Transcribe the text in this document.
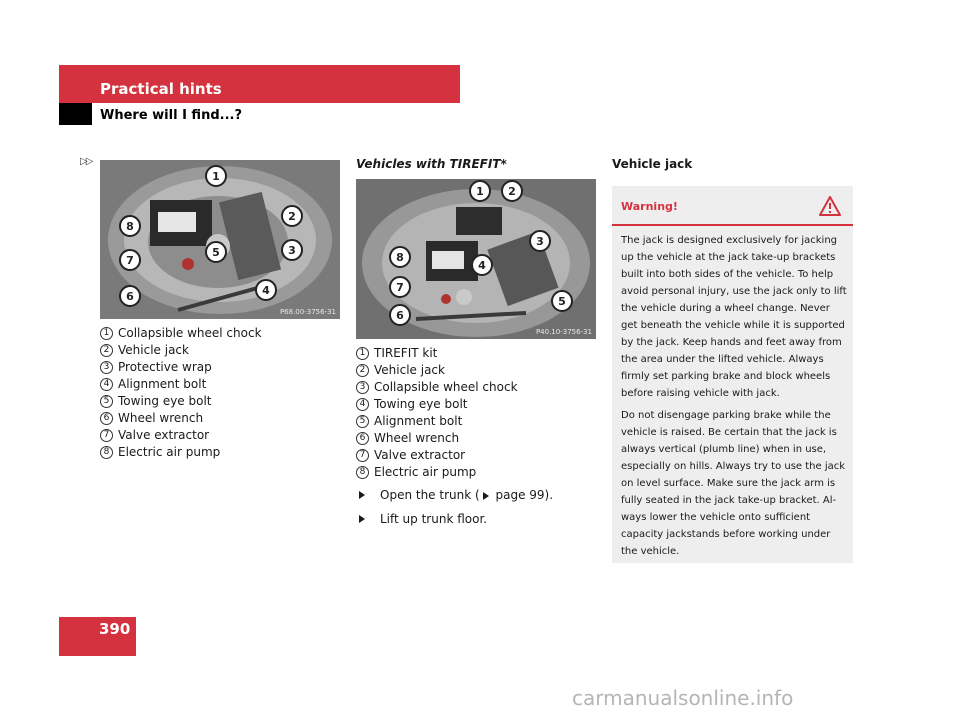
Practical hints
Where will I find...?
▷▷
1
2
3
4
5
6
7
8
P68.00-3756-31
1 Collapsible wheel chock
2 Vehicle jack
3 Protective wrap
4 Alignment bolt
5 Towing eye bolt
6 Wheel wrench
7 Valve extractor
8 Electric air pump
Vehicles with TIREFIT*
1 2
3
4
5
6
7
8
P40.10-3756-31
1 TIREFIT kit
2 Vehicle jack
3 Collapsible wheel chock
4 Towing eye bolt
5 Alignment bolt
6 Wheel wrench
7 Valve extractor
8 Electric air pump
Open the trunk ( page 99).
Lift up trunk floor.
Vehicle jack
Warning!

The jack is designed exclusively for jacking up the vehicle at the jack take-up brackets built into both sides of the vehicle. To help avoid personal injury, use the jack only to lift the vehicle during a wheel change. Never get beneath the vehicle while it is supported by the jack. Keep hands and feet away from the area under the lifted vehicle. Always firmly set parking brake and block wheels before raising vehicle with jack.

Do not disengage parking brake while the vehicle is raised. Be certain that the jack is always vertical (plumb line) when in use, especially on hills. Always try to use the jack on level surface. Make sure the jack arm is fully seated in the jack take-up bracket. Al-ways lower the vehicle onto sufficient capacity jackstands before working under the vehicle.

390
carmanualsonline.info
